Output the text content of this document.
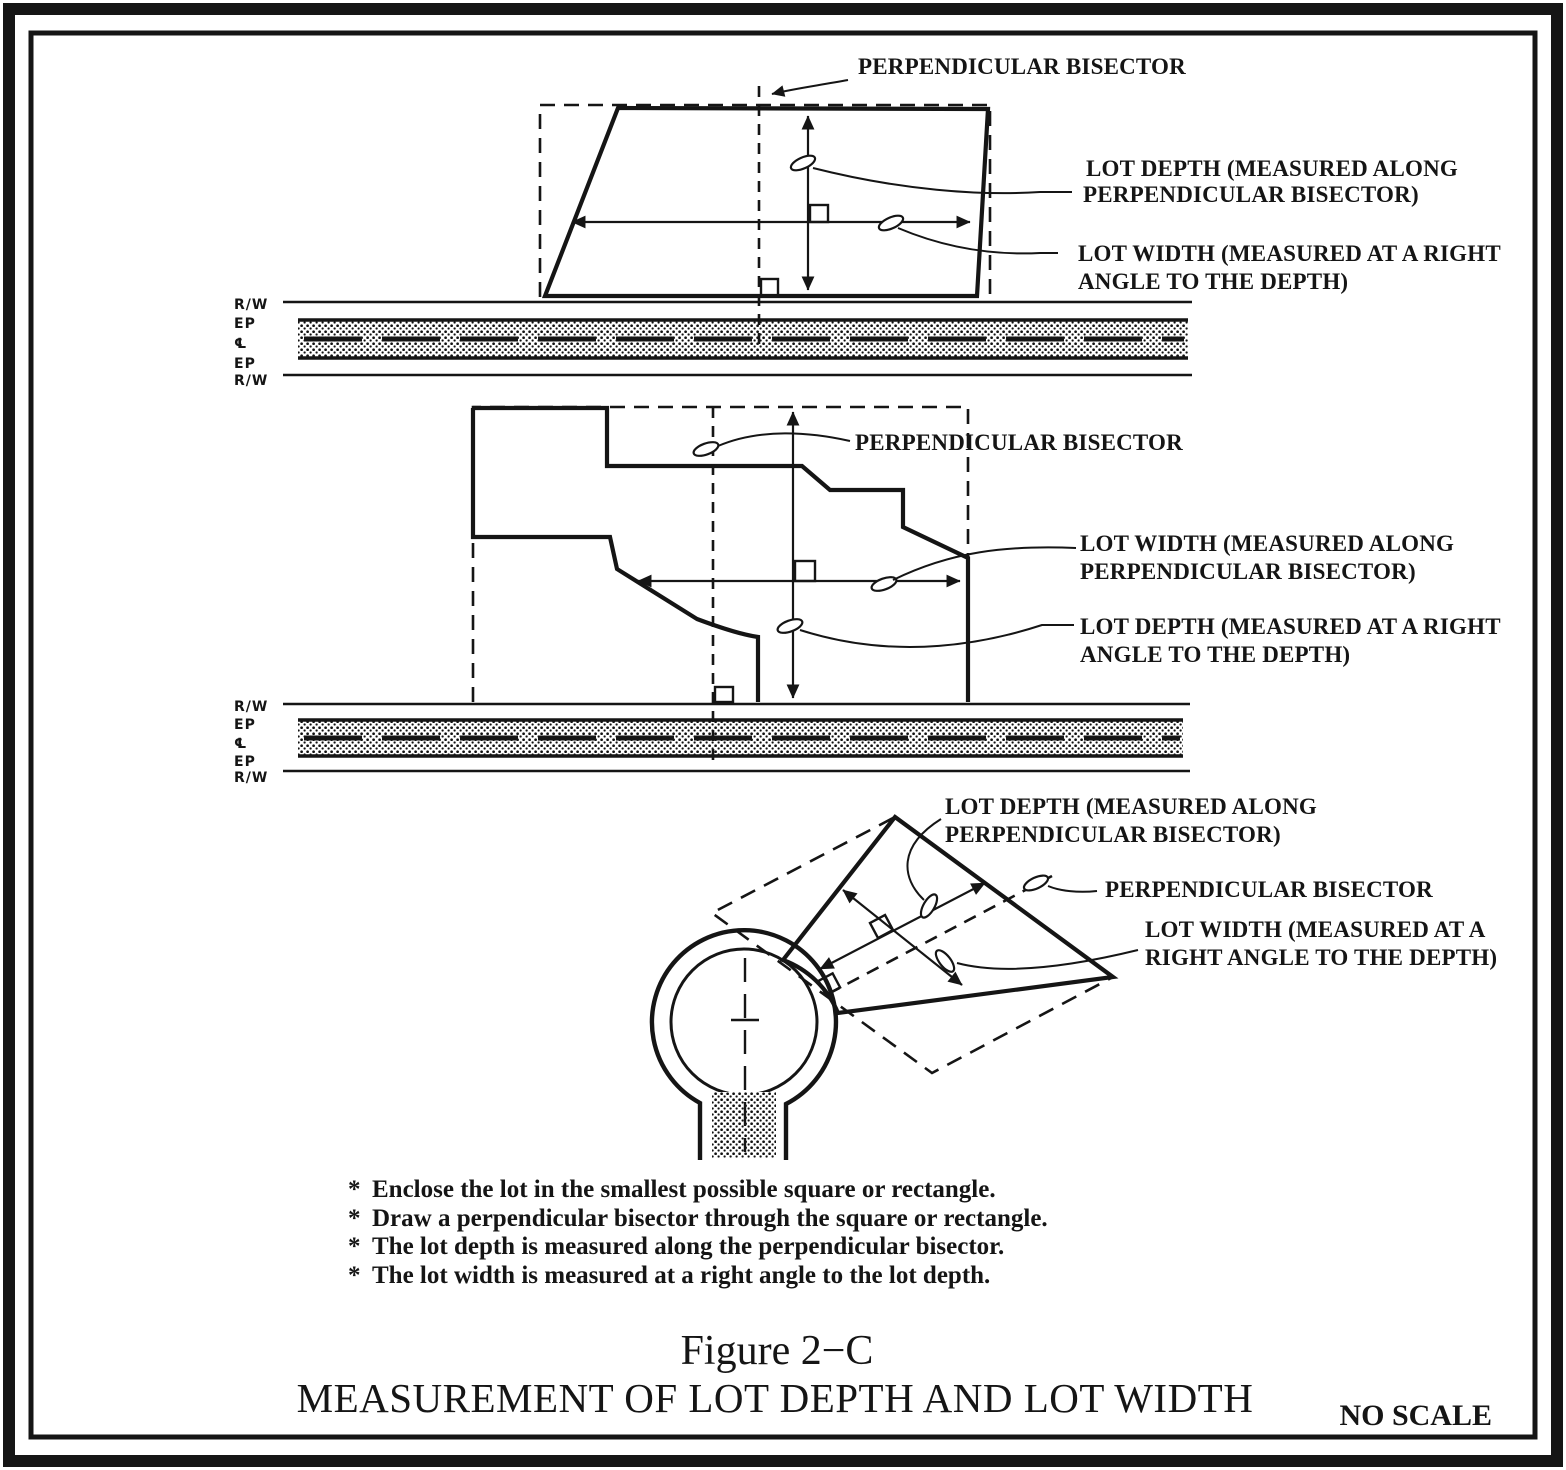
R/W
EP
℄
EP
R/W
PERPENDICULAR BISECTOR
LOT DEPTH (MEASURED ALONG
PERPENDICULAR BISECTOR)
LOT WIDTH (MEASURED AT A RIGHT
ANGLE TO THE DEPTH)
R/W
EP
℄
EP
R/W
PERPENDICULAR BISECTOR
LOT WIDTH (MEASURED ALONG
PERPENDICULAR BISECTOR)
LOT DEPTH (MEASURED AT A RIGHT
ANGLE TO THE DEPTH)
LOT DEPTH (MEASURED ALONG
PERPENDICULAR BISECTOR)
PERPENDICULAR BISECTOR
LOT WIDTH (MEASURED AT A
RIGHT ANGLE TO THE DEPTH)
* Enclose the lot in the smallest possible square or rectangle.
* Draw a perpendicular bisector through the square or rectangle.
* The lot depth is measured along the perpendicular bisector.
* The lot width is measured at a right angle to the lot depth.
Figure 2−C
MEASUREMENT OF LOT DEPTH AND LOT WIDTH	NO SCALE
